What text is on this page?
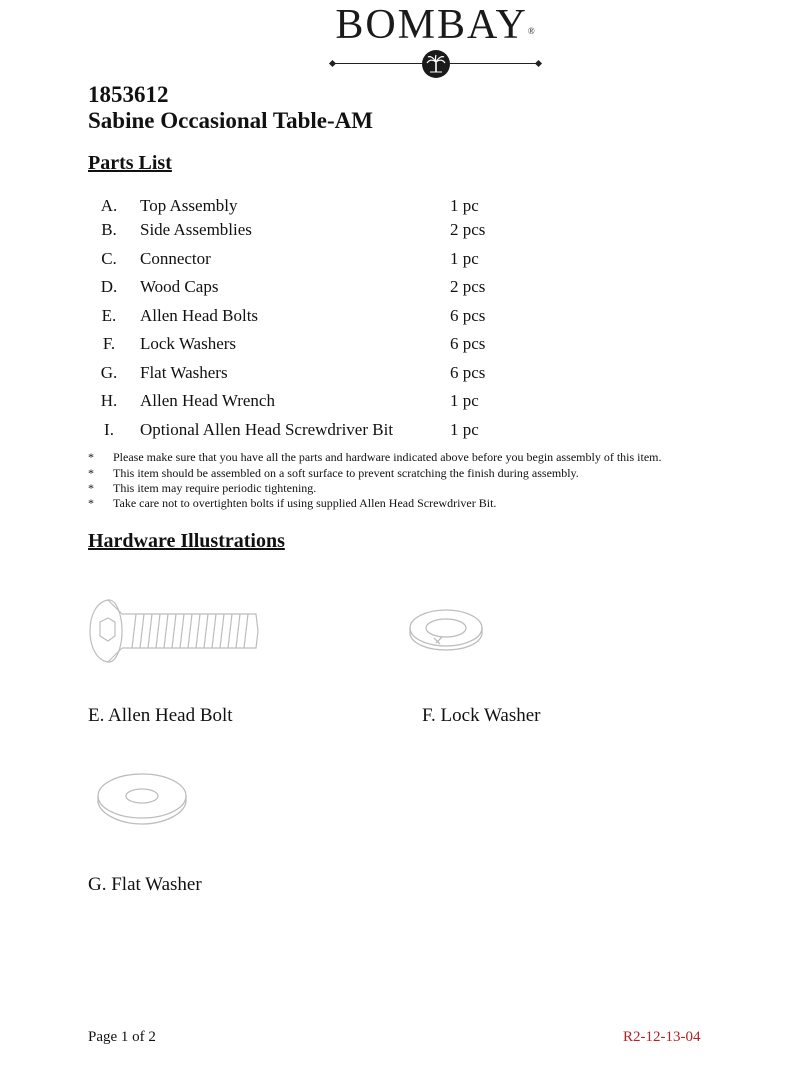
BOMBAY®
1853612
Sabine Occasional Table-AM
Parts List
A. Top Assembly	1 pc
B. Side Assemblies	2 pcs
C. Connector	1 pc
D. Wood Caps	2 pcs
E. Allen Head Bolts	6 pcs
F.	Lock Washers	6 pcs
G. Flat Washers	6 pcs
H. Allen Head Wrench	1 pc
I.	Optional Allen Head Screwdriver Bit	1 pc
*	Please make sure that you have all the parts and hardware indicated above before you begin assembly of this item.
*	This item should be assembled on a soft surface to prevent scratching the finish during assembly.
*	This item may require periodic tightening.
*	Take care not to overtighten bolts if using supplied Allen Head Screwdriver Bit.
Hardware Illustrations
E. Allen Head Bolt	F. Lock Washer
G. Flat Washer
Page 1 of 2	R2-12-13-04
